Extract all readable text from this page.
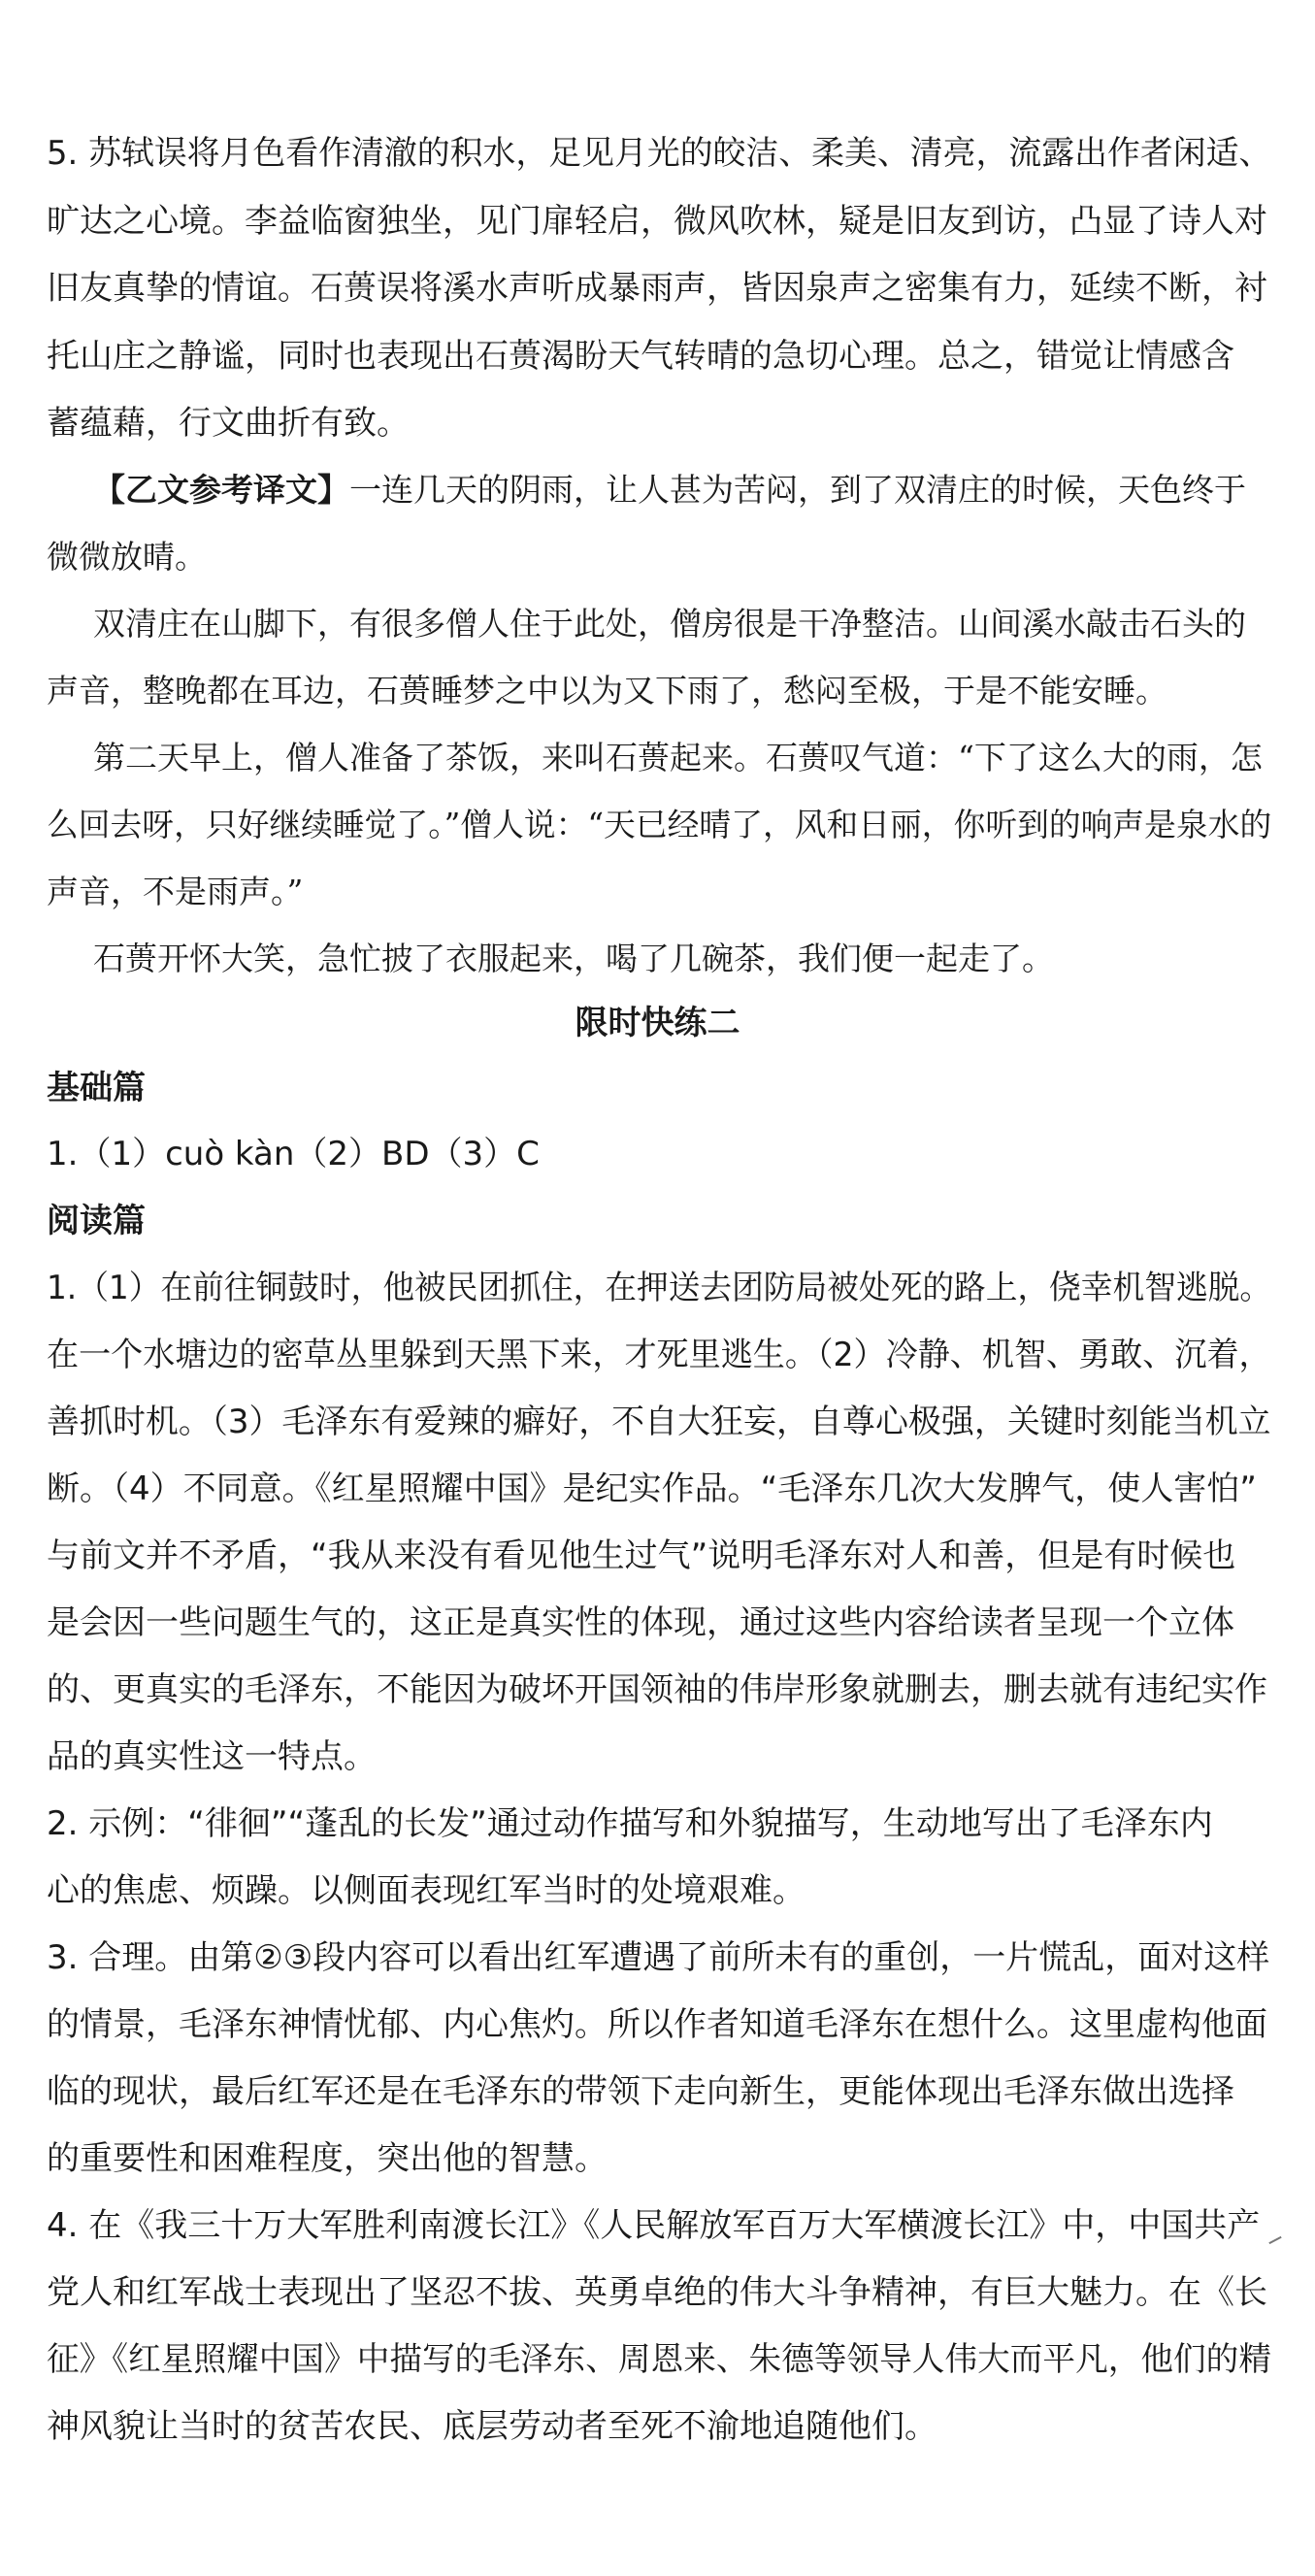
5. 苏轼误将月色看作清澈的积水，足见月光的皎洁、柔美、清亮，流露出作者闲适、
旷达之心境。李益临窗独坐，见门扉轻启，微风吹林，疑是旧友到访，凸显了诗人对
旧友真挚的情谊。石蒉误将溪水声听成暴雨声，皆因泉声之密集有力，延续不断，衬
托山庄之静谧，同时也表现出石蒉渴盼天气转晴的急切心理。总之，错觉让情感含
蓄蕴藉，行文曲折有致。
【乙文参考译文】一连几天的阴雨，让人甚为苦闷，到了双清庄的时候，天色终于
微微放晴。
双清庄在山脚下，有很多僧人住于此处，僧房很是干净整洁。山间溪水敲击石头的
声音，整晚都在耳边，石蒉睡梦之中以为又下雨了，愁闷至极，于是不能安睡。
第二天早上，僧人准备了茶饭，来叫石蒉起来。石蒉叹气道：“下了这么大的雨，怎
么回去呀，只好继续睡觉了。”僧人说：“天已经晴了，风和日丽，你听到的响声是泉水的
声音，不是雨声。”
石蒉开怀大笑，急忙披了衣服起来，喝了几碗茶，我们便一起走了。
限时快练二
基础篇
1.（1）cuò kàn（2）BD（3）C
阅读篇
1.（1）在前往铜鼓时，他被民团抓住，在押送去团防局被处死的路上，侥幸机智逃脱。
在一个水塘边的密草丛里躲到天黑下来，才死里逃生。（2）冷静、机智、勇敢、沉着，
善抓时机。（3）毛泽东有爱辣的癖好，不自大狂妄，自尊心极强，关键时刻能当机立
断。（4）不同意。《红星照耀中国》是纪实作品。“毛泽东几次大发脾气，使人害怕”
与前文并不矛盾，“我从来没有看见他生过气”说明毛泽东对人和善，但是有时候也
是会因一些问题生气的，这正是真实性的体现，通过这些内容给读者呈现一个立体
的、更真实的毛泽东，不能因为破坏开国领袖的伟岸形象就删去，删去就有违纪实作
品的真实性这一特点。
2. 示例：“徘徊”“蓬乱的长发”通过动作描写和外貌描写，生动地写出了毛泽东内
心的焦虑、烦躁。以侧面表现红军当时的处境艰难。
3. 合理。由第②③段内容可以看出红军遭遇了前所未有的重创，一片慌乱，面对这样
的情景，毛泽东神情忧郁、内心焦灼。所以作者知道毛泽东在想什么。这里虚构他面
临的现状，最后红军还是在毛泽东的带领下走向新生，更能体现出毛泽东做出选择
的重要性和困难程度，突出他的智慧。
4. 在《我三十万大军胜利南渡长江》《人民解放军百万大军横渡长江》中，中国共产
党人和红军战士表现出了坚忍不拔、英勇卓绝的伟大斗争精神，有巨大魅力。在《长
征》《红星照耀中国》中描写的毛泽东、周恩来、朱德等领导人伟大而平凡，他们的精
神风貌让当时的贫苦农民、底层劳动者至死不渝地追随他们。
